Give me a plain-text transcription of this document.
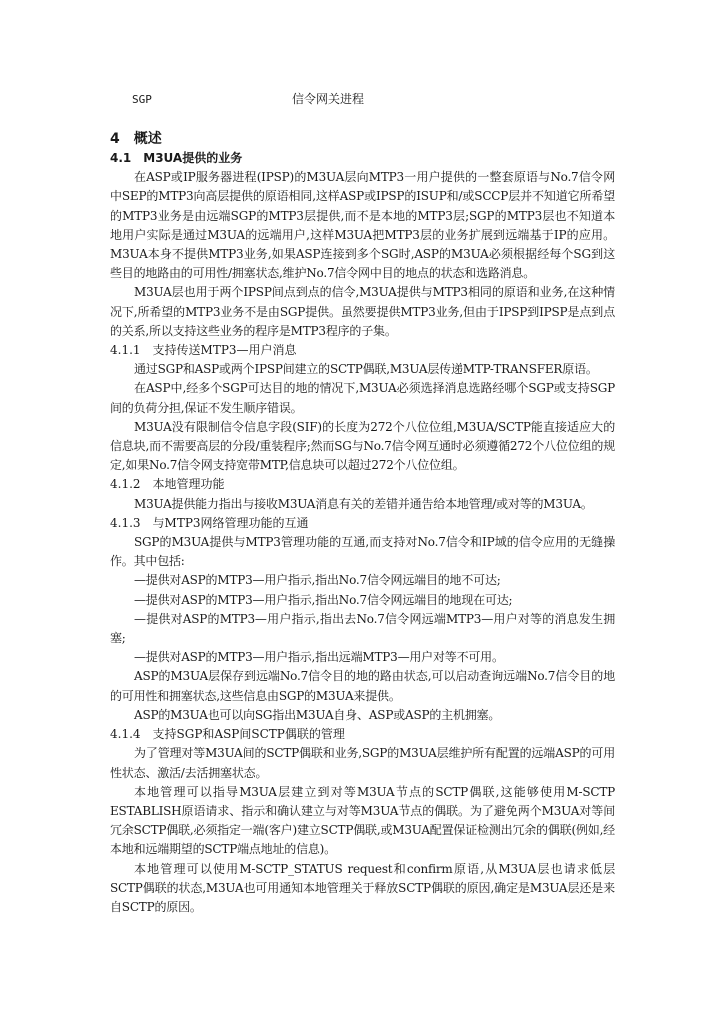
SGP	信令网关进程
4　概述
4.1　M3UA提供的业务

在ASP或IP服务器进程(IPSP)的M3UA层向MTP3一用户提供的一整套原语与No.7信令网中SEP的MTP3向高层提供的原语相同,这样ASP或IPSP的ISUP和/或SCCP层并不知道它所希望的MTP3业务是由远端SGP的MTP3层提供,而不是本地的MTP3层;SGP的MTP3层也不知道本地用户实际是通过M3UA的远端用户,这样M3UA把MTP3层的业务扩展到远端基于IP的应用。M3UA本身不提供MTP3业务,如果ASP连接到多个SG时,ASP的M3UA必须根据经每个SG到这些目的地路由的可用性/拥塞状态,维护No.7信令网中目的地点的状态和选路消息。

M3UA层也用于两个IPSP间点到点的信令,M3UA提供与MTP3相同的原语和业务,在这种情况下,所希望的MTP3业务不是由SGP提供。虽然要提供MTP3业务,但由于IPSP到IPSP是点到点的关系,所以支持这些业务的程序是MTP3程序的子集。

4.1.1　支持传送MTP3—用户消息

通过SGP和ASP或两个IPSP间建立的SCTP偶联,M3UA层传递MTP-TRANSFER原语。

在ASP中,经多个SGP可达目的地的情况下,M3UA必须选择消息选路经哪个SGP或支持SGP间的负荷分担,保证不发生顺序错误。

M3UA没有限制信令信息字段(SIF)的长度为272个八位位组,M3UA/SCTP能直接适应大的信息块,而不需要高层的分段/重装程序;然而SG与No.7信令网互通时必须遵循272个八位位组的规定,如果No.7信令网支持宽带MTP,信息块可以超过272个八位位组。

4.1.2　本地管理功能

M3UA提供能力指出与接收M3UA消息有关的差错并通告给本地管理/或对等的M3UA。

4.1.3　与MTP3网络管理功能的互通

SGP的M3UA提供与MTP3管理功能的互通,而支持对No.7信令和IP域的信令应用的无缝操作。其中包括:

—提供对ASP的MTP3—用户指示,指出No.7信令网远端目的地不可达;

—提供对ASP的MTP3—用户指示,指出No.7信令网远端目的地现在可达;

—提供对ASP的MTP3—用户指示,指出去No.7信令网远端MTP3—用户对等的消息发生拥塞;

—提供对ASP的MTP3—用户指示,指出远端MTP3—用户对等不可用。

ASP的M3UA层保存到远端No.7信令目的地的路由状态,可以启动查询远端No.7信令目的地的可用性和拥塞状态,这些信息由SGP的M3UA来提供。

ASP的M3UA也可以向SG指出M3UA自身、ASP或ASP的主机拥塞。

4.1.4　支持SGP和ASP间SCTP偶联的管理

为了管理对等M3UA间的SCTP偶联和业务,SGP的M3UA层维护所有配置的远端ASP的可用性状态、激活/去活拥塞状态。

本地管理可以指导M3UA层建立到对等M3UA节点的SCTP偶联,这能够使用M-SCTP ESTABLISH原语请求、指示和确认建立与对等M3UA节点的偶联。为了避免两个M3UA对等间冗余SCTP偶联,必须指定一端(客户)建立SCTP偶联,或M3UA配置保证检测出冗余的偶联(例如,经本地和远端期望的SCTP端点地址的信息)。

本地管理可以使用M-SCTP_STATUS request和confirm原语,从M3UA层也请求低层SCTP偶联的状态,M3UA也可用通知本地管理关于释放SCTP偶联的原因,确定是M3UA层还是来自SCTP的原因。
